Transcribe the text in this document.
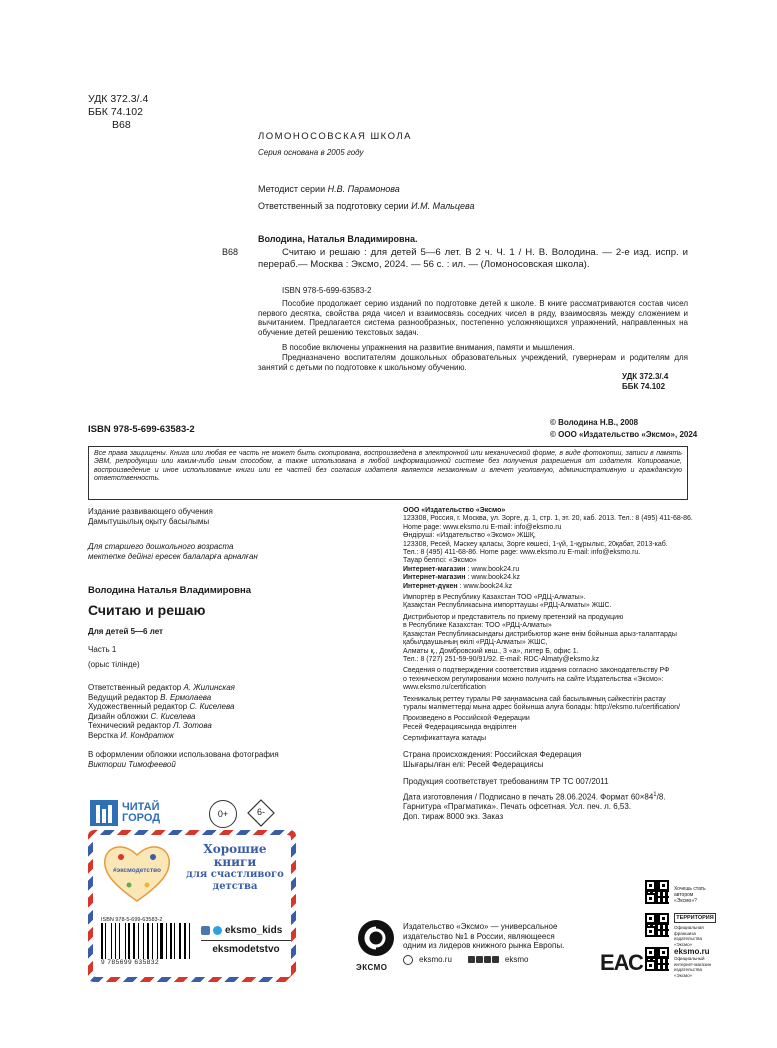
УДК 372.3/.4
ББК 74.102
В68
ЛОМОНОСОВСКАЯ ШКОЛА
Серия основана в 2005 году
Методист серии Н.В. Парамонова
Ответственный за подготовку серии И.М. Мальцева
Володина, Наталья Владимировна.
В68	Считаю и решаю : для детей 5—6 лет. В 2 ч. Ч. 1 / Н. В. Володина. — 2-е изд. испр. и перераб.— Москва : Эксмо, 2024. — 56 с. : ил. — (Ломоносовская школа).
ISBN 978-5-699-63583-2
Пособие продолжает серию изданий по подготовке детей к школе. В книге рассматриваются состав чисел первого десятка, свойства ряда чисел и взаимосвязь соседних чисел в ряду, взаимосвязь между сложением и вычитанием. Предлагается система разнообразных, постепенно усложняющихся упражнений, направленных на обучение детей решению текстовых задач.
В пособие включены упражнения на развитие внимания, памяти и мышления.
Предназначено воспитателям дошкольных образовательных учреждений, гувернерам и родителям для занятий с детьми по подготовке к школьному обучению.
УДК 372.3/.4
ББК 74.102
ISBN 978-5-699-63583-2
© Володина Н.В., 2008
© ООО «Издательство «Эксмо», 2024
Все права защищены. Книга или любая ее часть не может быть скопирована, воспроизведена в электронной или механической форме, в виде фотокопии, записи в память ЭВМ, репродукции или каким-либо иным способом, а также использована в любой информационной системе без получения разрешения от издателя. Копирование, воспроизведение и иное использование книги или ее частей без согласия издателя является незаконным и влечет уголовную, административную и гражданскую ответственность.
Издание развивающего обучения
Дамытушылық оқыту басылымы
Для старшего дошкольного возраста
мектепке дейінгі ересек балаларға арналған
Володина Наталья Владимировна
Считаю и решаю
Для детей 5—6 лет
Часть 1
(орыс тілінде)
Ответственный редактор А. Жилинская
Ведущий редактор В. Ермолаева
Художественный редактор С. Киселева
Дизайн обложки С. Киселева
Технический редактор Л. Зотова
Верстка И. Кондратюк
В оформлении обложки использована фотография
Виктории Тимофеевой
ЧИТАЙ
ГОРОД	0+	6-
#эксмодетство
Хорошие
книги
для счастливого
детства
ISBN 978-5-699-63583-2
9 785699 635832
eksmo_kids
eksmodetstvo
ООО «Издательство «Эксмо»
123308, Россия, г. Москва, ул. Зорге, д. 1, стр. 1, эт. 20, каб. 2013. Тел.: 8 (495) 411-68-86.
Home page: www.eksmo.ru E-mail: info@eksmo.ru
Өндіруші: «Издательство «Эксмо» ЖШҚ,
123308, Ресей, Мәскеу қаласы, Зорге көшесі, 1-үй, 1-құрылыс, 20қабат, 2013-каб.
Тел.: 8 (495) 411-68-86. Home page: www.eksmo.ru E-mail: info@eksmo.ru.
Тауар белгісі: «Эксмо»
Интернет-магазин : www.book24.ru
Интернет-магазин : www.book24.kz
Интернет-дүкен : www.book24.kz
Импортёр в Республику Казахстан ТОО «РДЦ-Алматы».
Қазақстан Республикасына импорттаушы «РДЦ-Алматы» ЖШС.
Дистрибьютор и представитель по приему претензий на продукцию
в Республике Казахстан: ТОО «РДЦ-Алматы»
Қазақстан Республикасындағы дистрибьютор және өнім бойынша арыз-талаптарды
қабылдаушының өкілі «РДЦ-Алматы» ЖШС,
Алматы қ., Домбровский көш., 3 «а», литер Б, офис 1.
Тел.: 8 (727) 251-59-90/91/92. E-mail: RDC-Almaty@eksmo.kz
Сведения о подтверждении соответствия издания согласно законодательству РФ
о техническом регулировании можно получить на сайте Издательства «Эксмо»:
www.eksmo.ru/certification
Техникалық реттеу туралы РФ заңнамасына сай басылымның сәйкестігін растау
туралы мәліметтерді мына адрес бойынша алуға болады: http://eksmo.ru/certification/
Произведено в Российской Федерации
Ресей Федерациясында өндірілген
Сертификаттауға жатады
Страна происхождения: Российская Федерация
Шығарылған елі: Ресей Федерациясы
Продукция соответствует требованиям ТР ТС 007/2011
Дата изготовления / Подписано в печать 28.06.2024. Формат $60\times 84^1/8$.
Гарнитура «Прагматика». Печать офсетная. Усл. печ. л. 6,53.
Доп. тираж 8000 экз. Заказ
ЭКСМО
Издательство «Эксмо» — универсальное
издательство №1 в России, являющееся
одним из лидеров книжного рынка Европы.
eksmo.ru	eksmo	ЕАС
Хочешь стать автором «Эксмо»?
ТЕРРИТОРИЯ
Официальная франшиза издательства «Эксмо»
eksmo.ru
Официальный интернет-магазин издательства «Эксмо»
